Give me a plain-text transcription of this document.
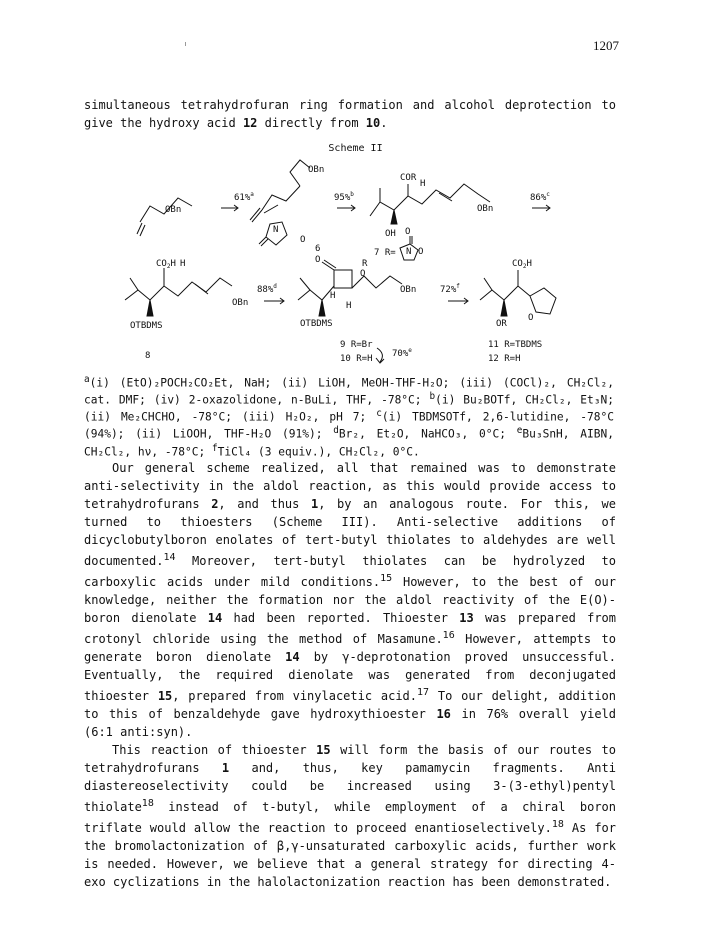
1207

simultaneous tetrahydrofuran ring formation and alcohol deprotection to give the hydroxy acid 12 directly from 10.

Scheme II
OBn
61%$^a$
OBn
N
O
6
95%$^b$
COR
H
OH
OBn
O
7 R= N O
86%$^c$
$CO_2H$ H
OBn
OTBDMS
8
88%$^d$
O
O
R
H
H
OBn
OTBDMS
72%$^f$
$CO_2H$
OR
O
9 R=Br
10 R=H 70%$^e$
11 R=TBDMS
12 R=H

$^a$(i) (EtO)₂POCH₂CO₂Et, NaH; (ii) LiOH, MeOH-THF-H₂O; (iii) (COCl)₂, CH₂Cl₂, cat. DMF; (iv) 2-oxazolidone, n-BuLi, THF, -78°C; $^b$(i) Bu₂BOTf, CH₂Cl₂, Et₃N; (ii) Me₂CHCHO, -78°C; (iii) H₂O₂, pH 7; $^c$(i) TBDMSOTf, 2,6-lutidine, -78°C (94%); (ii) LiOOH, THF-H₂O (91%); $^d$Br₂, Et₂O, NaHCO₃, 0°C; $^e$Bu₃SnH, AIBN, CH₂Cl₂, hν, -78°C; $^f$TiCl₄ (3 equiv.), CH₂Cl₂, 0°C.

Our general scheme realized, all that remained was to demonstrate anti-selectivity in the aldol reaction, as this would provide access to tetrahydrofurans 2, and thus 1, by an analogous route. For this, we turned to thioesters (Scheme III). Anti-selective additions of dicyclobutylboron enolates of tert-butyl thiolates to aldehydes are well documented.$^{14}$ Moreover, tert-butyl thiolates can be hydrolyzed to carboxylic acids under mild conditions.$^{15}$ However, to the best of our knowledge, neither the formation nor the aldol reactivity of the E(O)-boron dienolate 14 had been reported. Thioester 13 was prepared from crotonyl chloride using the method of Masamune.$^{16}$ However, attempts to generate boron dienolate 14 by γ-deprotonation proved unsuccessful. Eventually, the required dienolate was generated from deconjugated thioester 15, prepared from vinylacetic acid.$^{17}$ To our delight, addition to this of benzaldehyde gave hydroxythioester 16 in 76% overall yield (6:1 anti:syn).

This reaction of thioester 15 will form the basis of our routes to tetrahydrofurans 1 and, thus, key pamamycin fragments. Anti diastereoselectivity could be increased using 3-(3-ethyl)pentyl thiolate$^{18}$ instead of t-butyl, while employment of a chiral boron triflate would allow the reaction to proceed enantioselectively.$^{18}$ As for the bromolactonization of β,γ-unsaturated carboxylic acids, further work is needed. However, we believe that a general strategy for directing 4-exo cyclizations in the halolactonization reaction has been demonstrated.
